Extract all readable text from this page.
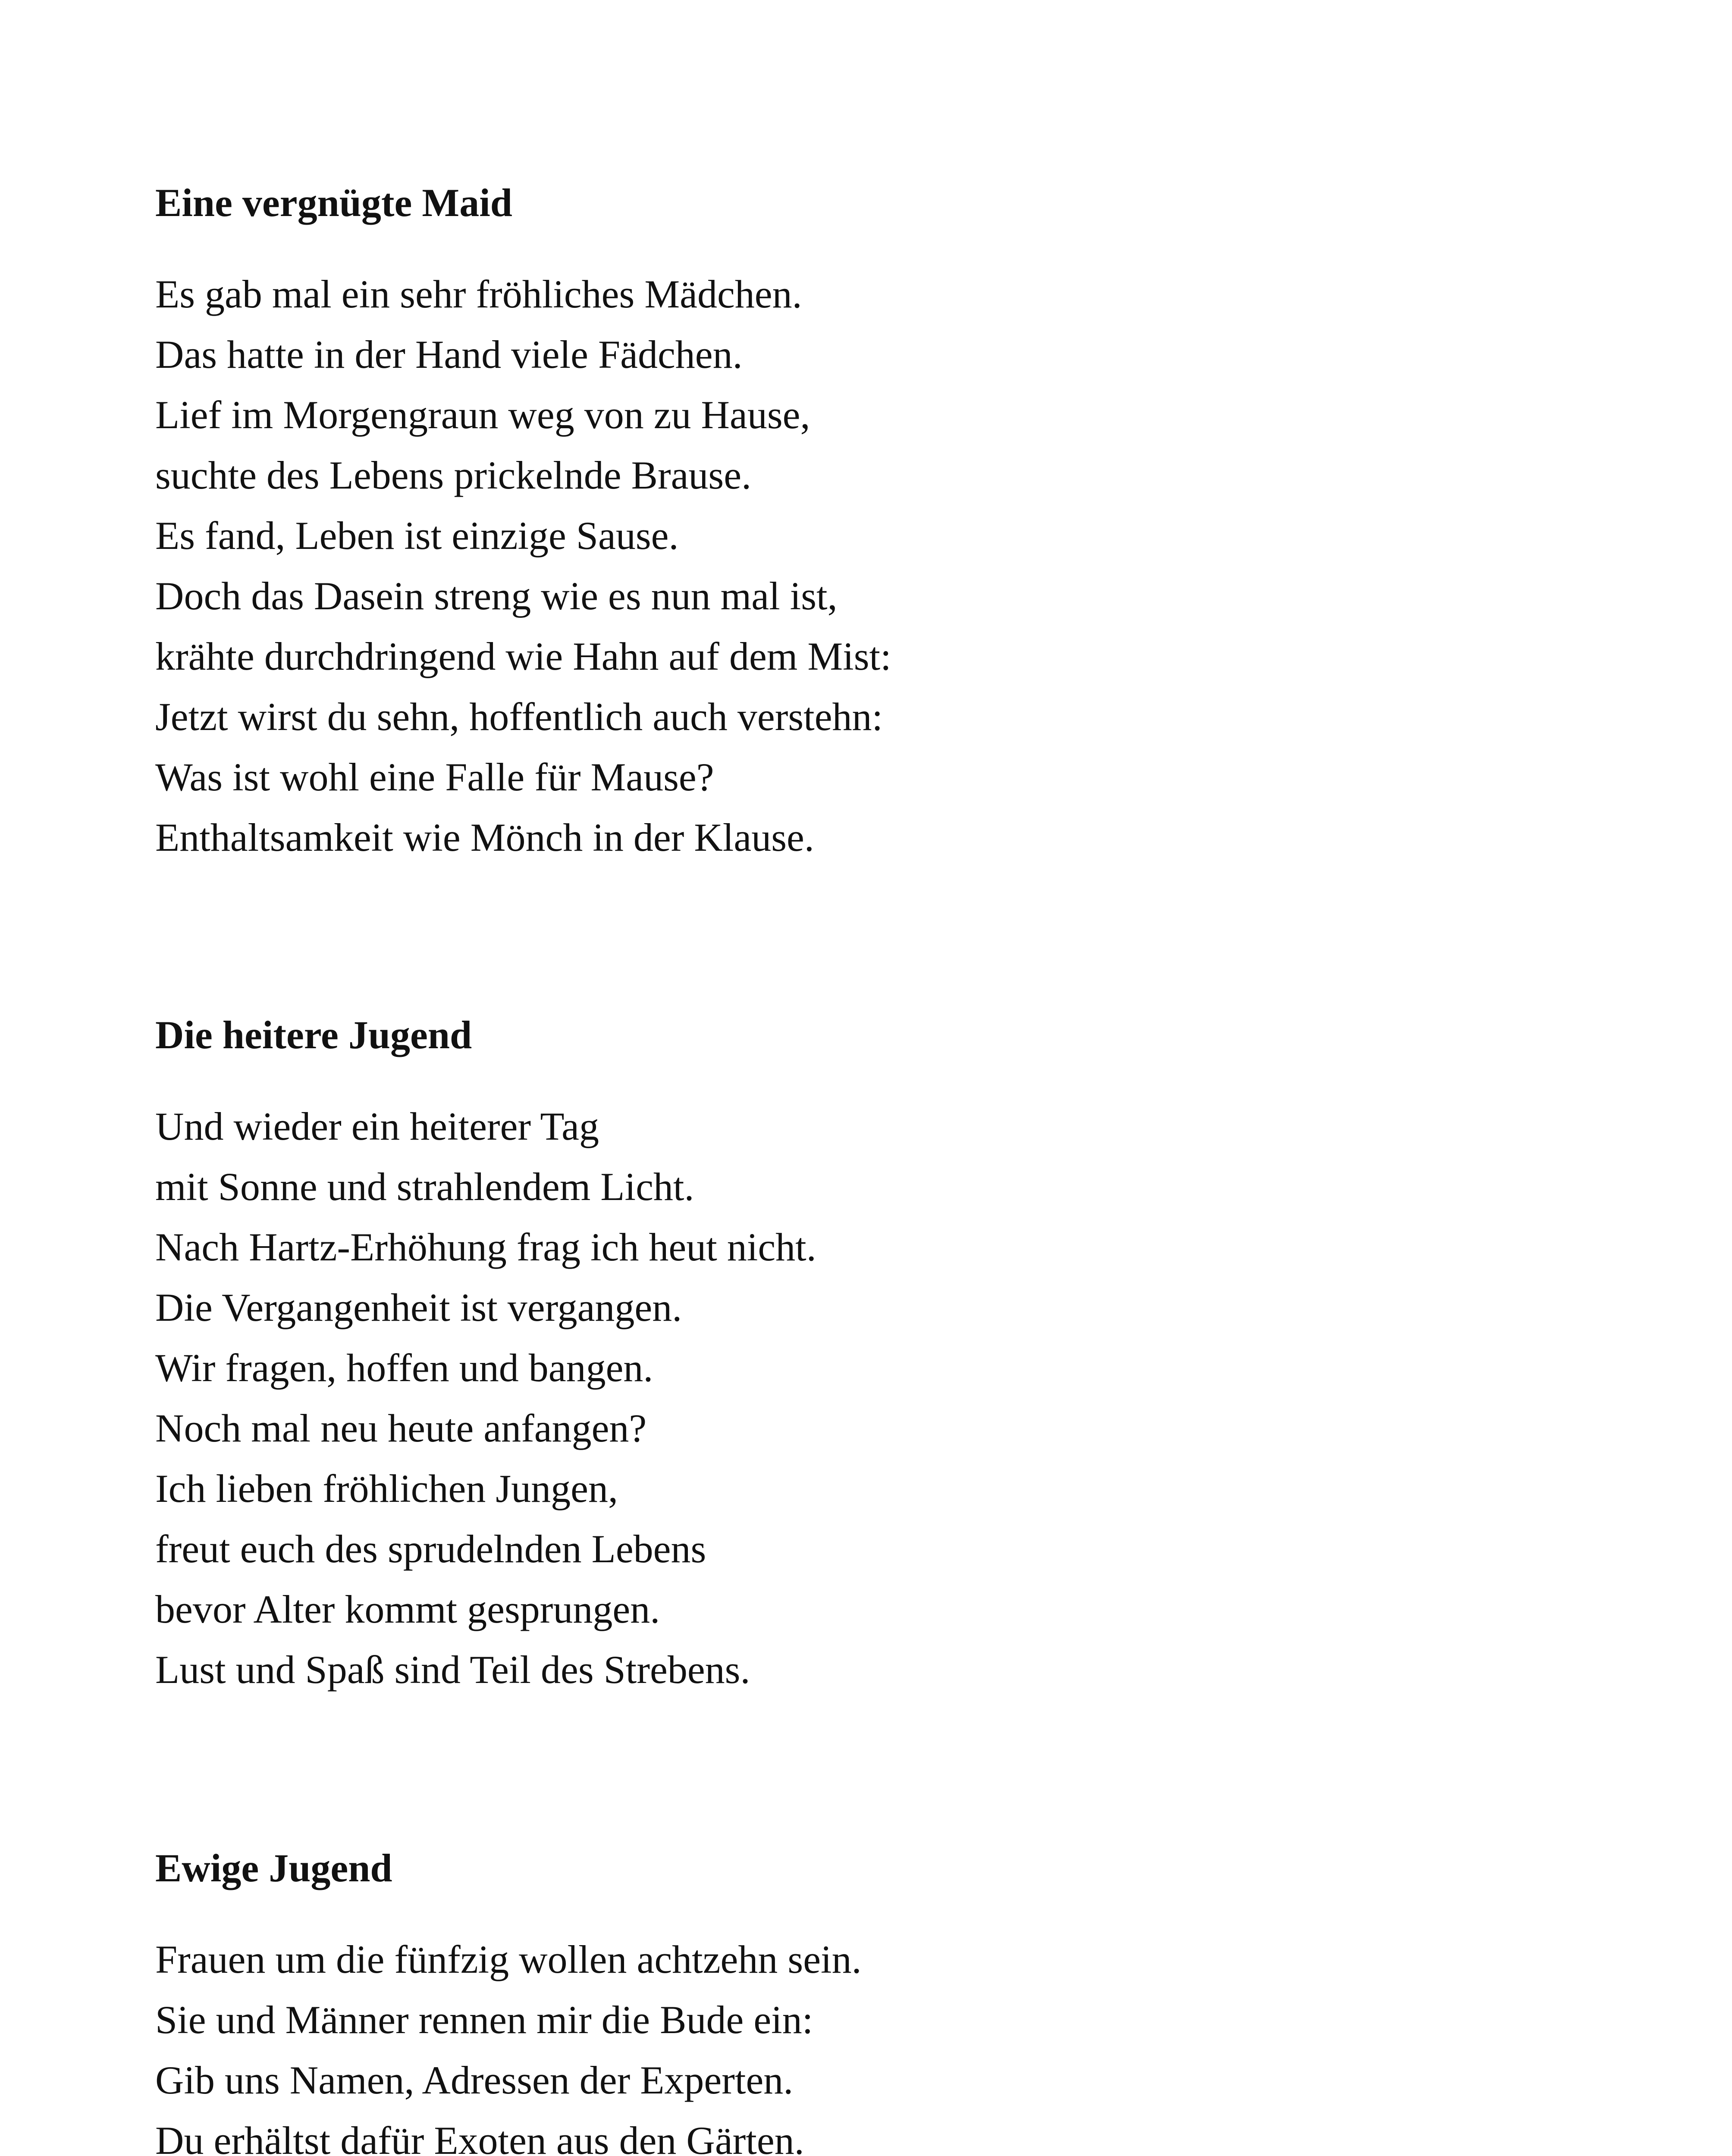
Eine vergnügte Maid
Es gab mal ein sehr fröhliches Mädchen.
Das hatte in der Hand viele Fädchen.
Lief im Morgengraun weg von zu Hause,
suchte des Lebens prickelnde Brause.
Es fand, Leben ist einzige Sause.
Doch das Dasein streng wie es nun mal ist,
krähte durchdringend wie Hahn auf dem Mist:
Jetzt wirst du sehn, hoffentlich auch verstehn:
Was ist wohl eine Falle für Mause?
Enthaltsamkeit wie Mönch in der Klause.
Die heitere Jugend
Und wieder ein heiterer Tag
mit Sonne und strahlendem Licht.
Nach Hartz-Erhöhung frag ich heut nicht.
Die Vergangenheit ist vergangen.
Wir fragen, hoffen und bangen.
Noch mal neu heute anfangen?
Ich lieben fröhlichen Jungen,
freut euch des sprudelnden Lebens
bevor Alter kommt gesprungen.
Lust und Spaß sind Teil des Strebens.
Ewige Jugend
Frauen um die fünfzig wollen achtzehn sein.
Sie und Männer rennen mir die Bude ein:
Gib uns Namen, Adressen der Experten.
Du erhältst dafür Exoten aus den Gärten.
